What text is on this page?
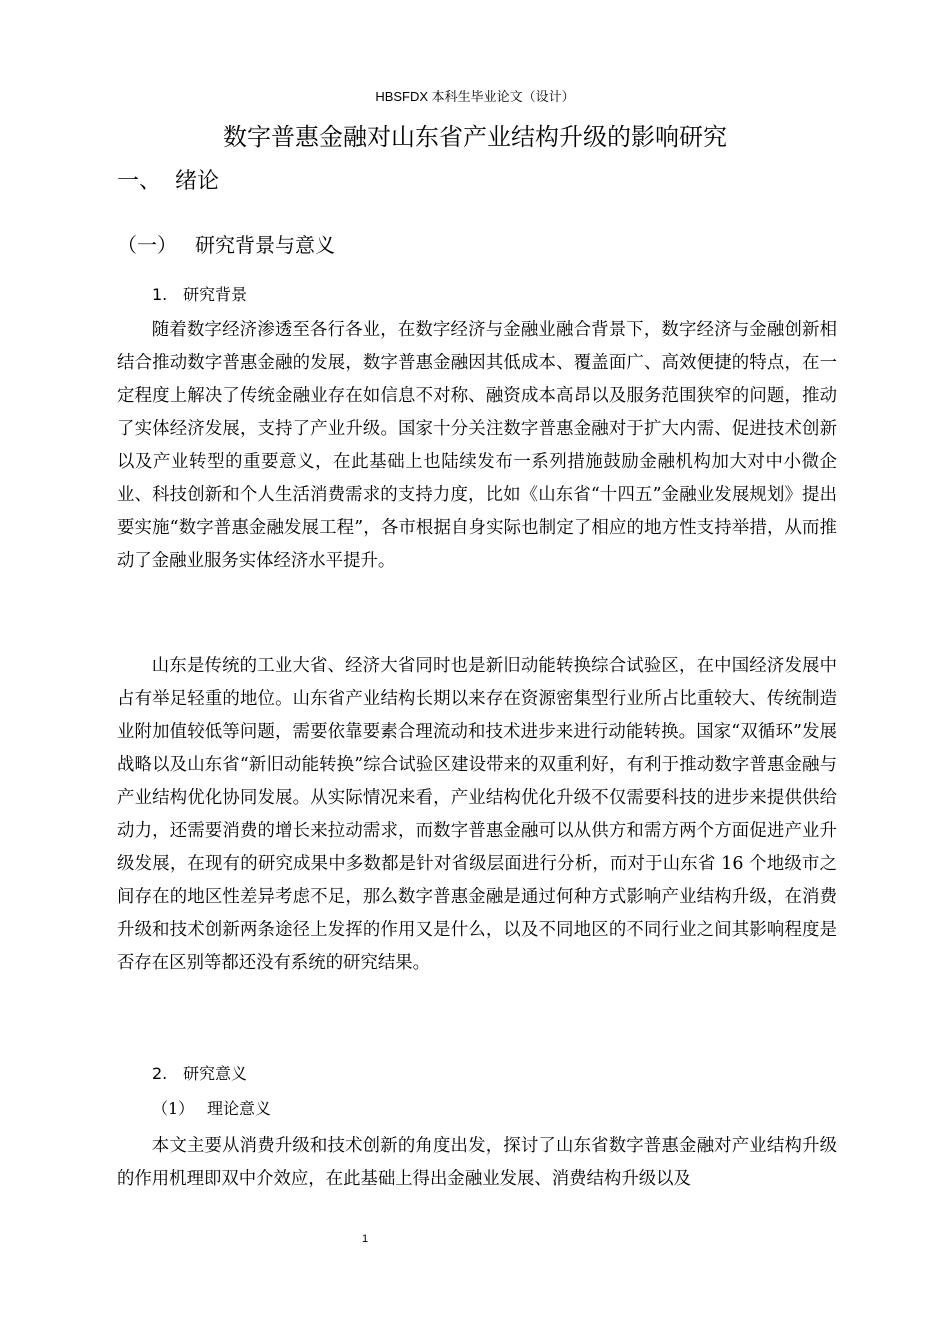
HBSFDX 本科生毕业论文（设计）
数字普惠金融对山东省产业结构升级的影响研究
一、 绪论
（一） 研究背景与意义
1. 研究背景

随着数字经济渗透至各行各业，在数字经济与金融业融合背景下，数字经济与金融创新相结合推动数字普惠金融的发展，数字普惠金融因其低成本、覆盖面广、高效便捷的特点，在一定程度上解决了传统金融业存在如信息不对称、融资成本高昂以及服务范围狭窄的问题，推动了实体经济发展，支持了产业升级。国家十分关注数字普惠金融对于扩大内需、促进技术创新以及产业转型的重要意义，在此基础上也陆续发布一系列措施鼓励金融机构加大对中小微企业、科技创新和个人生活消费需求的支持力度，比如《山东省“十四五”金融业发展规划》提出要实施“数字普惠金融发展工程”，各市根据自身实际也制定了相应的地方性支持举措，从而推动了金融业服务实体经济水平提升。

山东是传统的工业大省、经济大省同时也是新旧动能转换综合试验区，在中国经济发展中占有举足轻重的地位。山东省产业结构长期以来存在资源密集型行业所占比重较大、传统制造业附加值较低等问题，需要依靠要素合理流动和技术进步来进行动能转换。国家“双循环”发展战略以及山东省“新旧动能转换”综合试验区建设带来的双重利好，有利于推动数字普惠金融与产业结构优化协同发展。从实际情况来看，产业结构优化升级不仅需要科技的进步来提供供给动力，还需要消费的增长来拉动需求，而数字普惠金融可以从供方和需方两个方面促进产业升级发展，在现有的研究成果中多数都是针对省级层面进行分析，而对于山东省 16 个地级市之间存在的地区性差异考虑不足，那么数字普惠金融是通过何种方式影响产业结构升级，在消费升级和技术创新两条途径上发挥的作用又是什么，以及不同地区的不同行业之间其影响程度是否存在区别等都还没有系统的研究结果。

2. 研究意义
（1） 理论意义

本文主要从消费升级和技术创新的角度出发，探讨了山东省数字普惠金融对产业结构升级的作用机理即双中介效应，在此基础上得出金融业发展、消费结构升级以及

1
